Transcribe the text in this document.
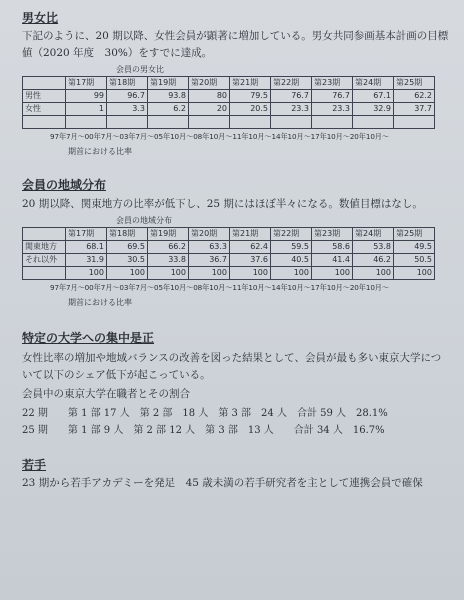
男女比

下記のように、20 期以降、女性会員が顕著に増加している。男女共同参画基本計画の目標

値（2020 年度　30%）をすでに達成。

会員の男女比
	第17期	第18期	第19期	第20期	第21期	第22期	第23期	第24期	第25期
男性	99	96.7	93.8	80	79.5	76.7	76.7	67.1	62.2
女性	1	3.3	6.2	20	20.5	23.3	23.3	32.9	37.7

97年7月～00年7月～03年7月～05年10月～08年10月～11年10月～14年10月～17年10月～20年10月～
期首における比率

会員の地域分布

20 期以降、関東地方の比率が低下し、25 期にはほぼ半々になる。数値目標はなし。

会員の地域分布
	第17期	第18期	第19期	第20期	第21期	第22期	第23期	第24期	第25期
関東地方	68.1	69.5	66.2	63.3	62.4	59.5	58.6	53.8	49.5
それ以外	31.9	30.5	33.8	36.7	37.6	40.5	41.4	46.2	50.5
	100	100	100	100	100	100	100	100	100
97年7月～00年7月～03年7月～05年10月～08年10月～11年10月～14年10月～17年10月～20年10月～
期首における比率

特定の大学への集中是正

女性比率の増加や地域バランスの改善を図った結果として、会員が最も多い東京大学につ

いて以下のシェア低下が起こっている。

会員中の東京大学在職者とその割合

22 期　　第 1 部 17 人　第 2 部　18 人　第 3 部　24 人　合計 59 人　28.1%

25 期　　第 1 部 9 人　第 2 部 12 人　第 3 部　13 人　　合計 34 人　16.7%

若手

23 期から若手アカデミーを発足　45 歳未満の若手研究者を主として連携会員で確保
